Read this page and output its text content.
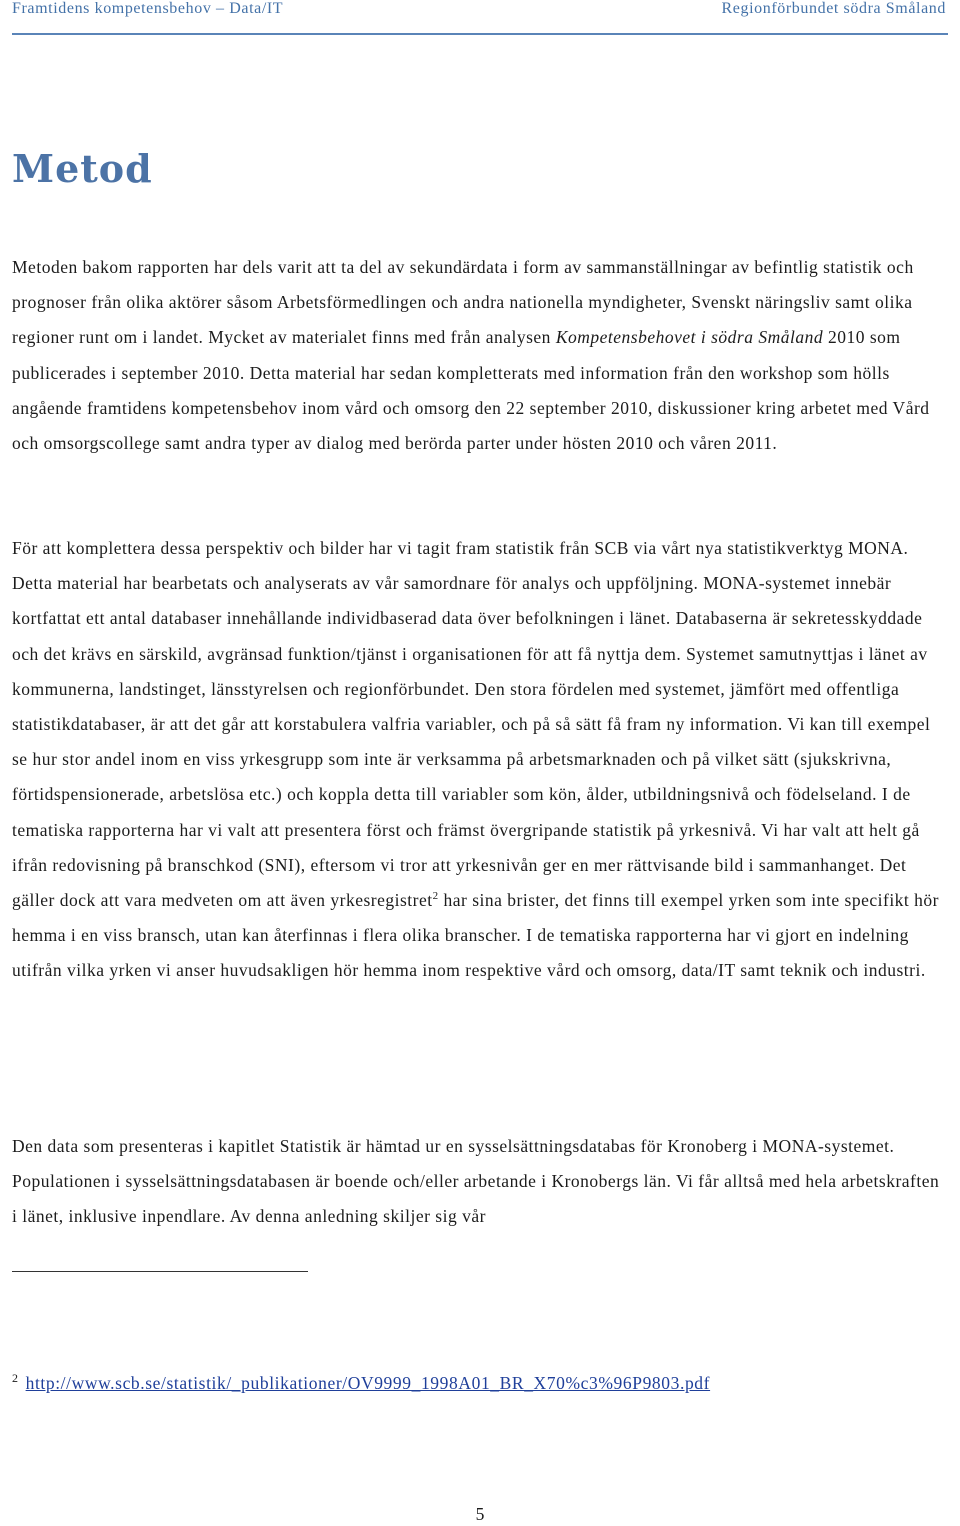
Framtidens kompetensbehov – Data/IT	Regionförbundet södra Småland
Metod

Metoden bakom rapporten har dels varit att ta del av sekundärdata i form av sammanställningar av befintlig statistik och prognoser från olika aktörer såsom Arbetsförmedlingen och andra nationella myndigheter, Svenskt näringsliv samt olika regioner runt om i landet. Mycket av materialet finns med från analysen Kompetensbehovet i södra Småland 2010 som publicerades i september 2010. Detta material har sedan kompletterats med information från den workshop som hölls angående framtidens kompetensbehov inom vård och omsorg den 22 september 2010, diskussioner kring arbetet med Vård och omsorgscollege samt andra typer av dialog med berörda parter under hösten 2010 och våren 2011.

För att komplettera dessa perspektiv och bilder har vi tagit fram statistik från SCB via vårt nya statistikverktyg MONA. Detta material har bearbetats och analyserats av vår samordnare för analys och uppföljning. MONA-systemet innebär kortfattat ett antal databaser innehållande individbaserad data över befolkningen i länet. Databaserna är sekretesskyddade och det krävs en särskild, avgränsad funktion/tjänst i organisationen för att få nyttja dem. Systemet samutnyttjas i länet av kommunerna, landstinget, länsstyrelsen och regionförbundet. Den stora fördelen med systemet, jämfört med offentliga statistikdatabaser, är att det går att korstabulera valfria variabler, och på så sätt få fram ny information. Vi kan till exempel se hur stor andel inom en viss yrkesgrupp som inte är verksamma på arbetsmarknaden och på vilket sätt (sjukskrivna, förtidspensionerade, arbetslösa etc.) och koppla detta till variabler som kön, ålder, utbildningsnivå och födelseland. I de tematiska rapporterna har vi valt att presentera först och främst övergripande statistik på yrkesnivå. Vi har valt att helt gå ifrån redovisning på branschkod (SNI), eftersom vi tror att yrkesnivån ger en mer rättvisande bild i sammanhanget. Det gäller dock att vara medveten om att även yrkesregistret$^2$ har sina brister, det finns till exempel yrken som inte specifikt hör hemma i en viss bransch, utan kan återfinnas i flera olika branscher. I de tematiska rapporterna har vi gjort en indelning utifrån vilka yrken vi anser huvudsakligen hör hemma inom respektive vård och omsorg, data/IT samt teknik och industri.

Den data som presenteras i kapitlet Statistik är hämtad ur en sysselsättningsdatabas för Kronoberg i MONA-systemet. Populationen i sysselsättningsdatabasen är boende och/eller arbetande i Kronobergs län. Vi får alltså med hela arbetskraften i länet, inklusive inpendlare. Av denna anledning skiljer sig vår

$^2$ http://www.scb.se/statistik/_publikationer/OV9999_1998A01_BR_X70%c3%96P9803.pdf
5
